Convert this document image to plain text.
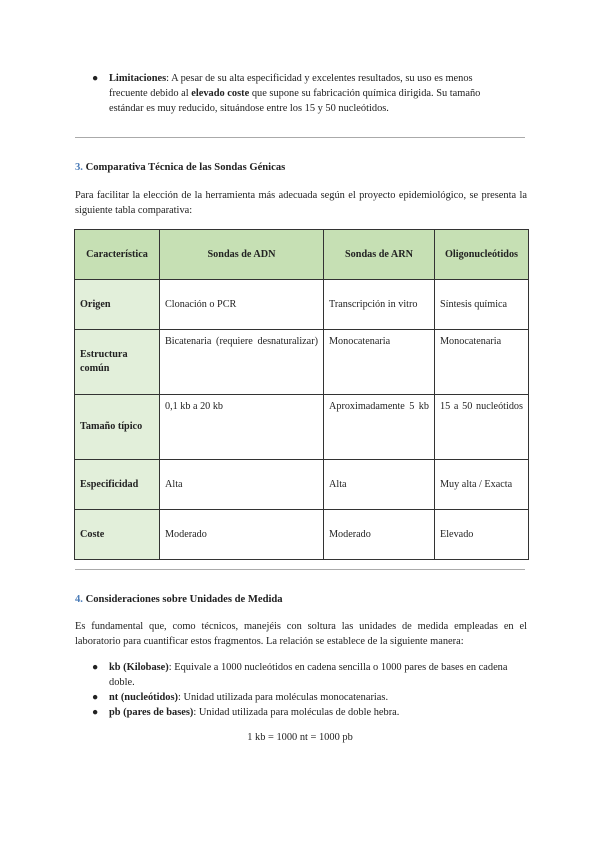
● Limitaciones: A pesar de su alta especificidad y excelentes resultados, su uso es menos frecuente debido al elevado coste que supone su fabricación química dirigida. Su tamaño estándar es muy reducido, situándose entre los 15 y 50 nucleótidos.

3. Comparativa Técnica de las Sondas Génicas
Para facilitar la elección de la herramienta más adecuada según el proyecto epidemiológico, se presenta la siguiente tabla comparativa:
Característica	Sondas de ADN	Sondas de ARN	Oligonucleótidos
Origen	Clonación o PCR	Transcripción in vitro	Síntesis química
Estructura común	Bicatenaria (requiere desnaturalizar)	Monocatenaria	Monocatenaria
Tamaño típico	0,1 kb a 20 kb	Aproximadamente 5 kb	15 a 50 nucleótidos
Especificidad	Alta	Alta	Muy alta / Exacta
Coste	Moderado	Moderado	Elevado
4. Consideraciones sobre Unidades de Medida
Es fundamental que, como técnicos, manejéis con soltura las unidades de medida empleadas en el laboratorio para cuantificar estos fragmentos. La relación se establece de la siguiente manera:

● kb (Kilobase): Equivale a 1000 nucleótidos en cadena sencilla o 1000 pares de bases en cadena doble.

● nt (nucleótidos): Unidad utilizada para moléculas monocatenarias.

● pb (pares de bases): Unidad utilizada para moléculas de doble hebra.

1 kb = 1000 nt = 1000 pb
